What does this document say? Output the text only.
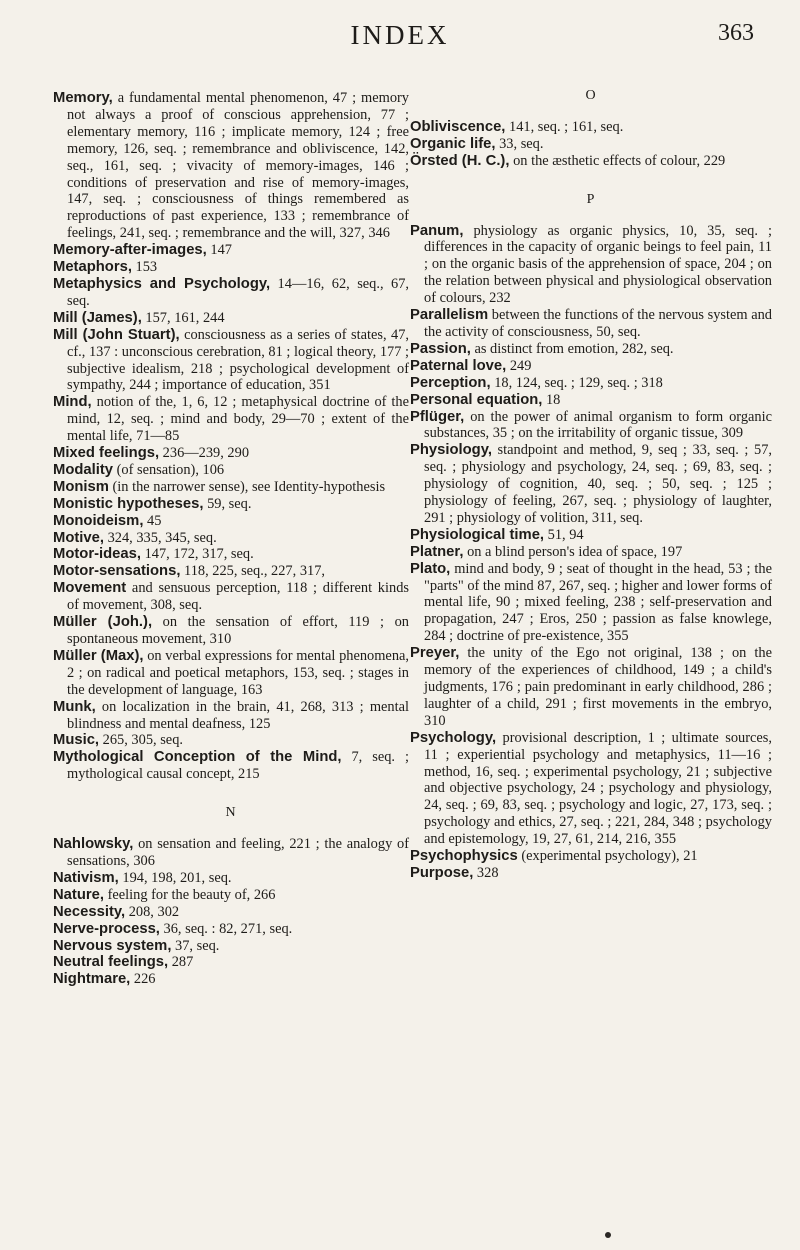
INDEX	363

Memory, a fundamental mental phenomenon, 47 ; memory not always a proof of conscious apprehension, 77 ; elementary memory, 116 ; implicate memory, 124 ; free memory, 126, seq. ; remembrance and obliviscence, 142, seq., 161, seq. ; vivacity of memory-images, 146 ; conditions of preservation and rise of memory-images, 147, seq. ; consciousness of things remembered as reproductions of past experience, 133 ; remembrance of feelings, 241, seq. ; remembrance and the will, 327, 346

Memory-after-images, 147

Metaphors, 153

Metaphysics and Psychology, 14—16, 62, seq., 67, seq.

Mill (James), 157, 161, 244

Mill (John Stuart), consciousness as a series of states, 47, cf., 137 : unconscious cerebration, 81 ; logical theory, 177 ; subjective idealism, 218 ; psychological development of sympathy, 244 ; importance of education, 351

Mind, notion of the, 1, 6, 12 ; metaphysical doctrine of the mind, 12, seq. ; mind and body, 29—70 ; extent of the mental life, 71—85

Mixed feelings, 236—239, 290

Modality (of sensation), 106

Monism (in the narrower sense), see Identity-hypothesis

Monistic hypotheses, 59, seq.

Monoideism, 45

Motive, 324, 335, 345, seq.

Motor-ideas, 147, 172, 317, seq.

Motor-sensations, 118, 225, seq., 227, 317,

Movement and sensuous perception, 118 ; different kinds of movement, 308, seq.

Müller (Joh.), on the sensation of effort, 119 ; on spontaneous movement, 310

Müller (Max), on verbal expressions for mental phenomena, 2 ; on radical and poetical metaphors, 153, seq. ; stages in the development of language, 163

Munk, on localization in the brain, 41, 268, 313 ; mental blindness and mental deafness, 125

Music, 265, 305, seq.

Mythological Conception of the Mind, 7, seq. ; mythological causal concept, 215

N

Nahlowsky, on sensation and feeling, 221 ; the analogy of sensations, 306

Nativism, 194, 198, 201, seq.

Nature, feeling for the beauty of, 266

Necessity, 208, 302

Nerve-process, 36, seq. : 82, 271, seq.

Nervous system, 37, seq.

Neutral feelings, 287

Nightmare, 226

O

Obliviscence, 141, seq. ; 161, seq.

Organic life, 33, seq.

Örsted (H. C.), on the æsthetic effects of colour, 229

P

Panum, physiology as organic physics, 10, 35, seq. ; differences in the capacity of organic beings to feel pain, 11 ; on the organic basis of the apprehension of space, 204 ; on the relation between physical and physiological observation of colours, 232

Parallelism between the functions of the nervous system and the activity of consciousness, 50, seq.

Passion, as distinct from emotion, 282, seq.

Paternal love, 249

Perception, 18, 124, seq. ; 129, seq. ; 318

Personal equation, 18

Pflüger, on the power of animal organism to form organic substances, 35 ; on the irritability of organic tissue, 309

Physiology, standpoint and method, 9, seq ; 33, seq. ; 57, seq. ; physiology and psychology, 24, seq. ; 69, 83, seq. ; physiology of cognition, 40, seq. ; 50, seq. ; 125 ; physiology of feeling, 267, seq. ; physiology of laughter, 291 ; physiology of volition, 311, seq.

Physiological time, 51, 94

Platner, on a blind person's idea of space, 197

Plato, mind and body, 9 ; seat of thought in the head, 53 ; the "parts" of the mind 87, 267, seq. ; higher and lower forms of mental life, 90 ; mixed feeling, 238 ; self-preservation and propagation, 247 ; Eros, 250 ; passion as false knowlege, 284 ; doctrine of pre-existence, 355

Preyer, the unity of the Ego not original, 138 ; on the memory of the experiences of childhood, 149 ; a child's judgments, 176 ; pain predominant in early childhood, 286 ; laughter of a child, 291 ; first movements in the embryo, 310

Psychology, provisional description, 1 ; ultimate sources, 11 ; experiential psychology and metaphysics, 11—16 ; method, 16, seq. ; experimental psychology, 21 ; subjective and objective psychology, 24 ; psychology and physiology, 24, seq. ; 69, 83, seq. ; psychology and logic, 27, 173, seq. ; psychology and ethics, 27, seq. ; 221, 284, 348 ; psychology and epistemology, 19, 27, 61, 214, 216, 355

Psychophysics (experimental psychology), 21

Purpose, 328
